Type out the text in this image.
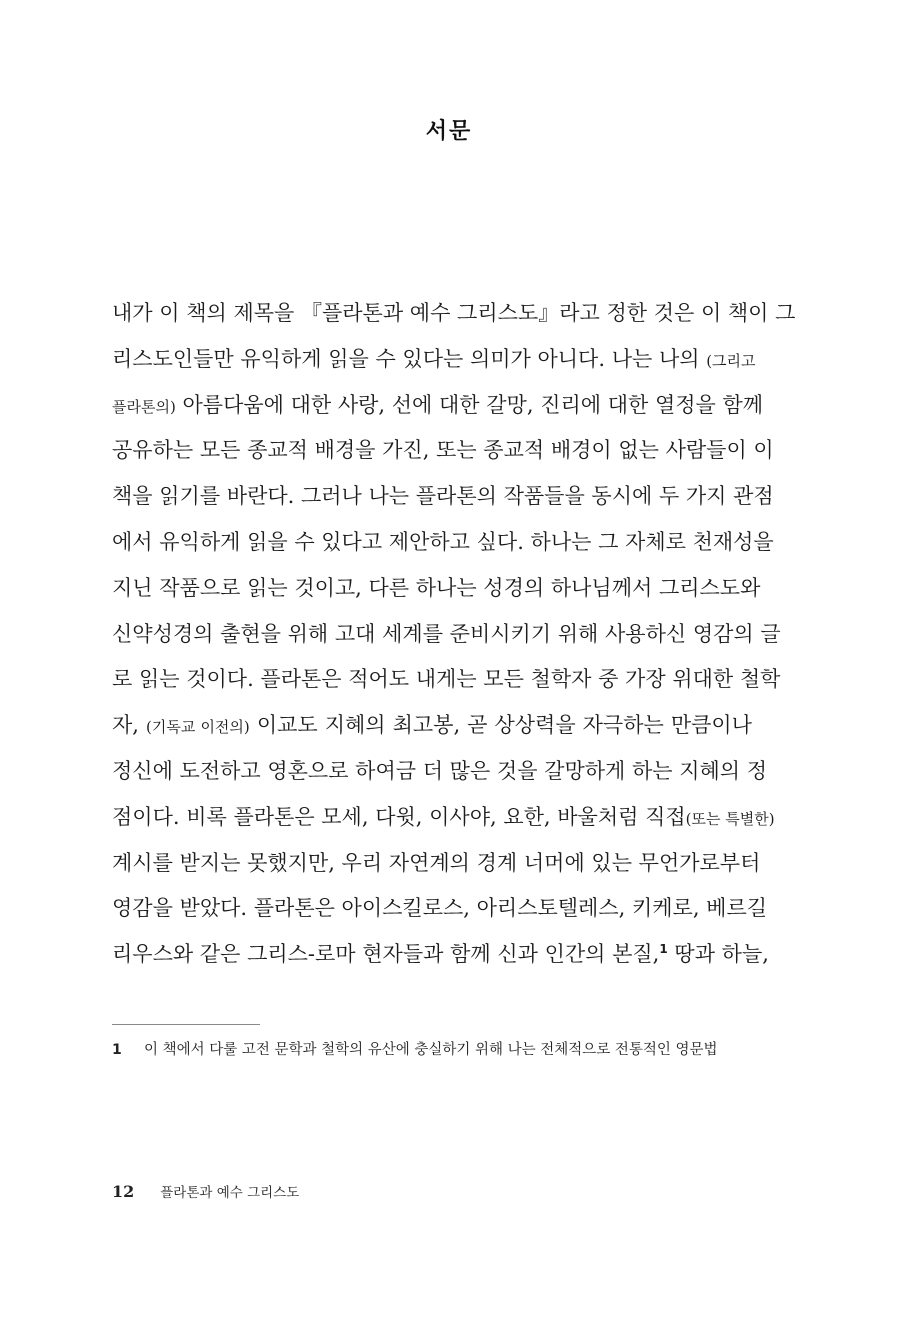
서문
내가 이 책의 제목을 『플라톤과 예수 그리스도』라고 정한 것은 이 책이 그
리스도인들만 유익하게 읽을 수 있다는 의미가 아니다. 나는 나의 (그리고
플라톤의) 아름다움에 대한 사랑, 선에 대한 갈망, 진리에 대한 열정을 함께
공유하는 모든 종교적 배경을 가진, 또는 종교적 배경이 없는 사람들이 이
책을 읽기를 바란다. 그러나 나는 플라톤의 작품들을 동시에 두 가지 관점
에서 유익하게 읽을 수 있다고 제안하고 싶다. 하나는 그 자체로 천재성을
지닌 작품으로 읽는 것이고, 다른 하나는 성경의 하나님께서 그리스도와
신약성경의 출현을 위해 고대 세계를 준비시키기 위해 사용하신 영감의 글
로 읽는 것이다. 플라톤은 적어도 내게는 모든 철학자 중 가장 위대한 철학
자, (기독교 이전의) 이교도 지혜의 최고봉, 곧 상상력을 자극하는 만큼이나
정신에 도전하고 영혼으로 하여금 더 많은 것을 갈망하게 하는 지혜의 정
점이다. 비록 플라톤은 모세, 다윗, 이사야, 요한, 바울처럼 직접(또는 특별한)
계시를 받지는 못했지만, 우리 자연계의 경계 너머에 있는 무언가로부터
영감을 받았다. 플라톤은 아이스킬로스, 아리스토텔레스, 키케로, 베르길
리우스와 같은 그리스-로마 현자들과 함께 신과 인간의 본질,$^1$ 땅과 하늘,
1 이 책에서 다룰 고전 문학과 철학의 유산에 충실하기 위해 나는 전체적으로 전통적인 영문법
12 플라톤과 예수 그리스도
